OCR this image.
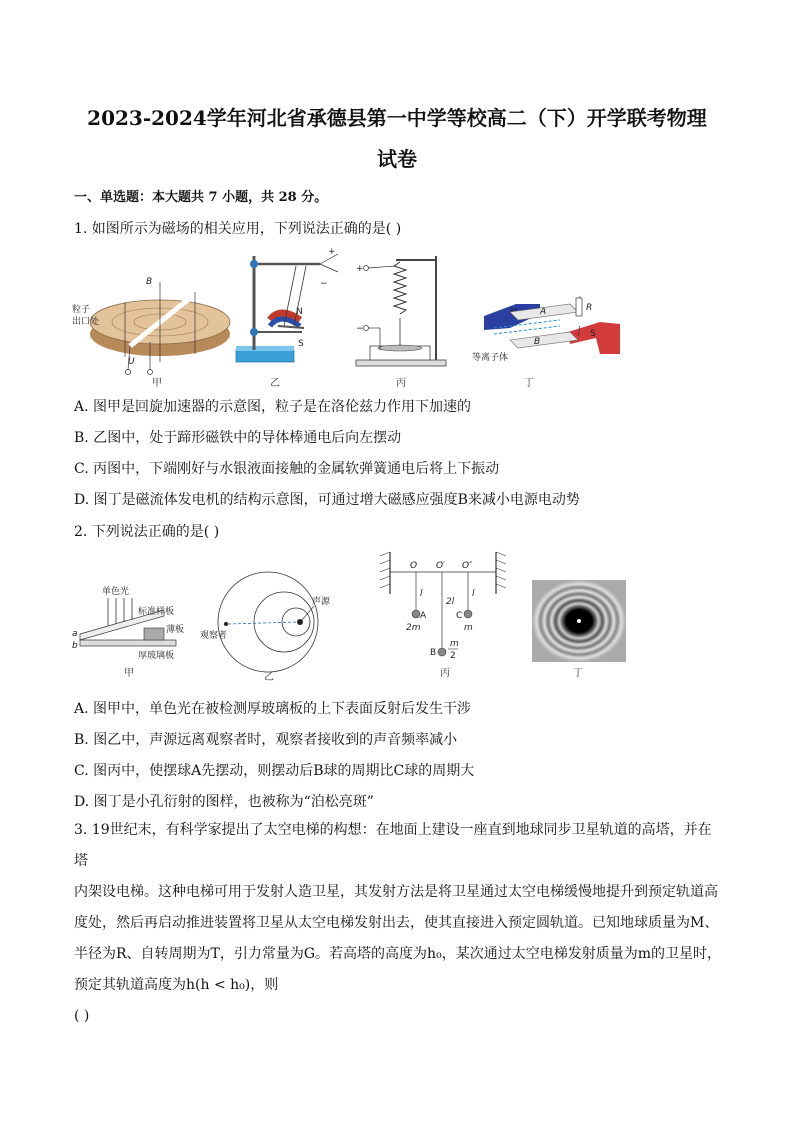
2023-2024学年河北省承德县第一中学等校高二（下）开学联考物理
试卷
一、单选题：本大题共 7 小题，共 28 分。
1. 如图所示为磁场的相关应用，下列说法正确的是( )
B
粒子
出口处
U
甲
+
−
N
S
乙
+
−
丙
S
R
A
B
等离子体
丁
A. 图甲是回旋加速器的示意图，粒子是在洛伦兹力作用下加速的
B. 乙图中，处于蹄形磁铁中的导体棒通电后向左摆动
C. 丙图中，下端刚好与水银液面接触的金属软弹簧通电后将上下振动
D. 图丁是磁流体发电机的结构示意图，可通过增大磁感应强度B来减小电源电动势
2. 下列说法正确的是( )
单色光
标准样板
薄板
厚玻璃板
a
b
甲
声源
观察者
乙
O O′ O″
l
2l
l
A
2m
C
m
B
m
2
丙	丁
A. 图甲中，单色光在被检测厚玻璃板的上下表面反射后发生干涉
B. 图乙中，声源远离观察者时，观察者接收到的声音频率减小
C. 图丙中，使摆球A先摆动，则摆动后B球的周期比C球的周期大
D. 图丁是小孔衍射的图样，也被称为“泊松亮斑”
3. 19世纪末，有科学家提出了太空电梯的构想：在地面上建设一座直到地球同步卫星轨道的高塔，并在塔
内架设电梯。这种电梯可用于发射人造卫星，其发射方法是将卫星通过太空电梯缓慢地提升到预定轨道高
度处，然后再启动推进装置将卫星从太空电梯发射出去，使其直接进入预定圆轨道。已知地球质量为M、
半径为R、自转周期为T，引力常量为G。若高塔的高度为h₀，某次通过太空电梯发射质量为m的卫星时，
预定其轨道高度为h(h < h₀)，则
( )
